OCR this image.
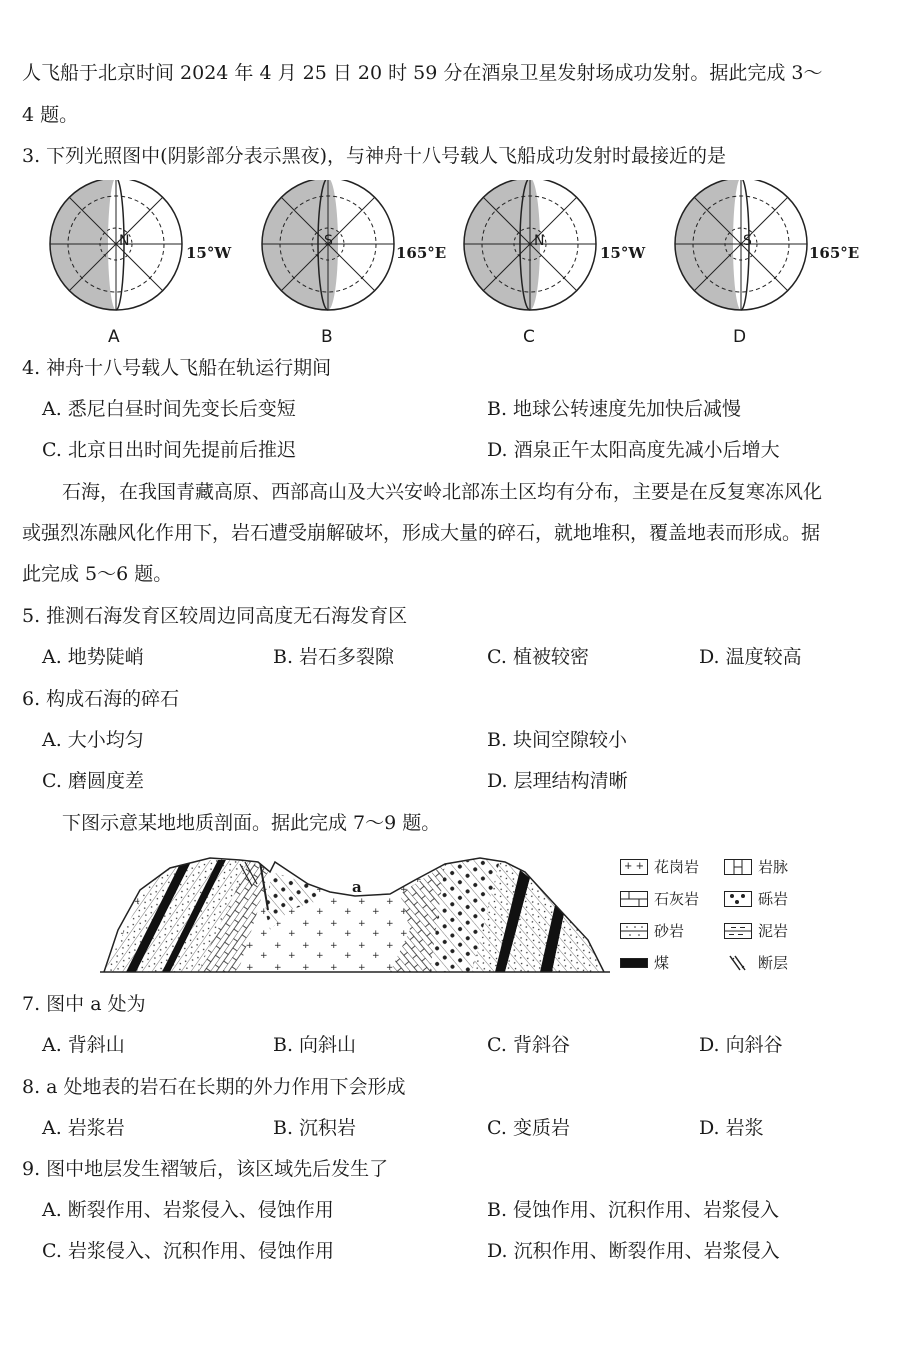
人飞船于北京时间 2024 年 4 月 25 日 20 时 59 分在酒泉卫星发射场成功发射。据此完成 3～
4 题。
3. 下列光照图中(阴影部分表示黑夜)，与神舟十八号载人飞船成功发射时最接近的是
N	S	N	S
15°W	165°E	15°W	165°E
A	B	C	D
4. 神舟十八号载人飞船在轨运行期间
A. 悉尼白昼时间先变长后变短	B. 地球公转速度先加快后减慢
C. 北京日出时间先提前后推迟	D. 酒泉正午太阳高度先减小后增大
石海，在我国青藏高原、西部高山及大兴安岭北部冻土区均有分布，主要是在反复寒冻风化
或强烈冻融风化作用下，岩石遭受崩解破坏，形成大量的碎石，就地堆积，覆盖地表而形成。据
此完成 5～6 题。
5. 推测石海发育区较周边同高度无石海发育区
A. 地势陡峭	B. 岩石多裂隙	C. 植被较密	D. 温度较高
6. 构成石海的碎石
A. 大小均匀	B. 块间空隙较小
C. 磨圆度差	D. 层理结构清晰
下图示意某地地质剖面。据此完成 7～9 题。
a
+ + 花岗岩	岩脉
石灰岩	砾岩
砂岩	泥岩
煤	断层
7. 图中 a 处为
A. 背斜山	B. 向斜山	C. 背斜谷	D. 向斜谷
8. a 处地表的岩石在长期的外力作用下会形成
A. 岩浆岩	B. 沉积岩	C. 变质岩	D. 岩浆
9. 图中地层发生褶皱后，该区域先后发生了
A. 断裂作用、岩浆侵入、侵蚀作用	B. 侵蚀作用、沉积作用、岩浆侵入
C. 岩浆侵入、沉积作用、侵蚀作用	D. 沉积作用、断裂作用、岩浆侵入
